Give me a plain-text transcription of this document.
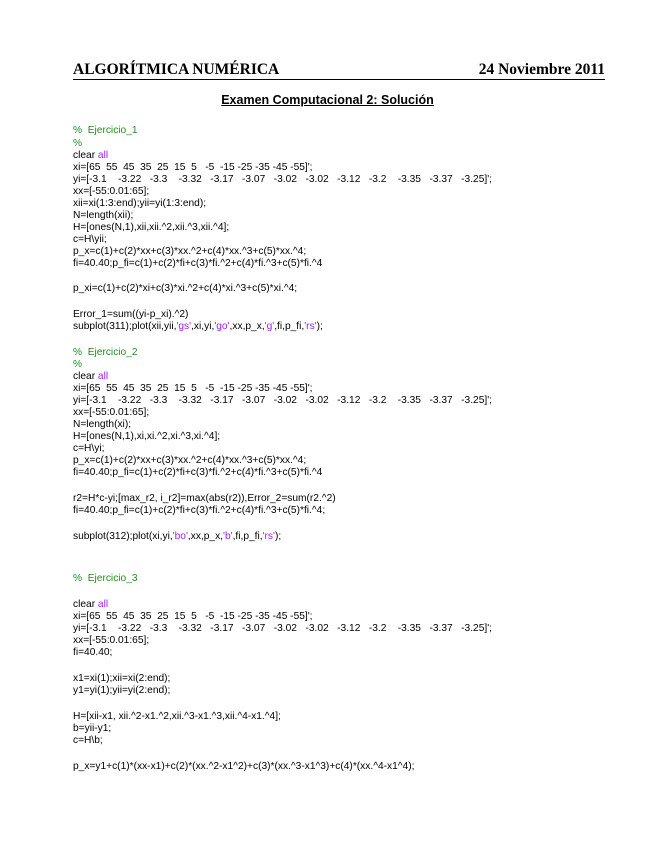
ALGORÍTMICA NUMÉRICA	24 Noviembre 2011
Examen Computacional 2: Solución
%  Ejercicio_1
%
clear all
xi=[65  55  45  35  25  15  5   -5  -15 -25 -35 -45 -55]';
yi=[-3.1    -3.22   -3.3    -3.32   -3.17   -3.07   -3.02   -3.02   -3.12   -3.2    -3.35   -3.37   -3.25]';
xx=[-55:0.01:65];
xii=xi(1:3:end);yii=yi(1:3:end);
N=length(xii);
H=[ones(N,1),xii,xii.^2,xii.^3,xii.^4];
c=H\yii;
p_x=c(1)+c(2)*xx+c(3)*xx.^2+c(4)*xx.^3+c(5)*xx.^4;
fi=40.40;p_fi=c(1)+c(2)*fi+c(3)*fi.^2+c(4)*fi.^3+c(5)*fi.^4
p_xi=c(1)+c(2)*xi+c(3)*xi.^2+c(4)*xi.^3+c(5)*xi.^4;
Error_1=sum((yi-p_xi).^2)
subplot(311);plot(xii,yii,'gs',xi,yi,'go',xx,p_x,'g',fi,p_fi,'rs');
%  Ejercicio_2
%
clear all
xi=[65  55  45  35  25  15  5   -5  -15 -25 -35 -45 -55]';
yi=[-3.1    -3.22   -3.3    -3.32   -3.17   -3.07   -3.02   -3.02   -3.12   -3.2    -3.35   -3.37   -3.25]';
xx=[-55:0.01:65];
N=length(xi);
H=[ones(N,1),xi,xi.^2,xi.^3,xi.^4];
c=H\yi;
p_x=c(1)+c(2)*xx+c(3)*xx.^2+c(4)*xx.^3+c(5)*xx.^4;
fi=40.40;p_fi=c(1)+c(2)*fi+c(3)*fi.^2+c(4)*fi.^3+c(5)*fi.^4
r2=H*c-yi;[max_r2, i_r2]=max(abs(r2)),Error_2=sum(r2.^2)
fi=40.40;p_fi=c(1)+c(2)*fi+c(3)*fi.^2+c(4)*fi.^3+c(5)*fi.^4;
subplot(312);plot(xi,yi,'bo',xx,p_x,'b',fi,p_fi,'rs');
%  Ejercicio_3
clear all
xi=[65  55  45  35  25  15  5   -5  -15 -25 -35 -45 -55]';
yi=[-3.1    -3.22   -3.3    -3.32   -3.17   -3.07   -3.02   -3.02   -3.12   -3.2    -3.35   -3.37   -3.25]';
xx=[-55:0.01:65];
fi=40.40;
x1=xi(1);xii=xi(2:end);
y1=yi(1);yii=yi(2:end);
H=[xii-x1, xii.^2-x1.^2,xii.^3-x1.^3,xii.^4-x1.^4];
b=yii-y1;
c=H\b;
p_x=y1+c(1)*(xx-x1)+c(2)*(xx.^2-x1^2)+c(3)*(xx.^3-x1^3)+c(4)*(xx.^4-x1^4);
